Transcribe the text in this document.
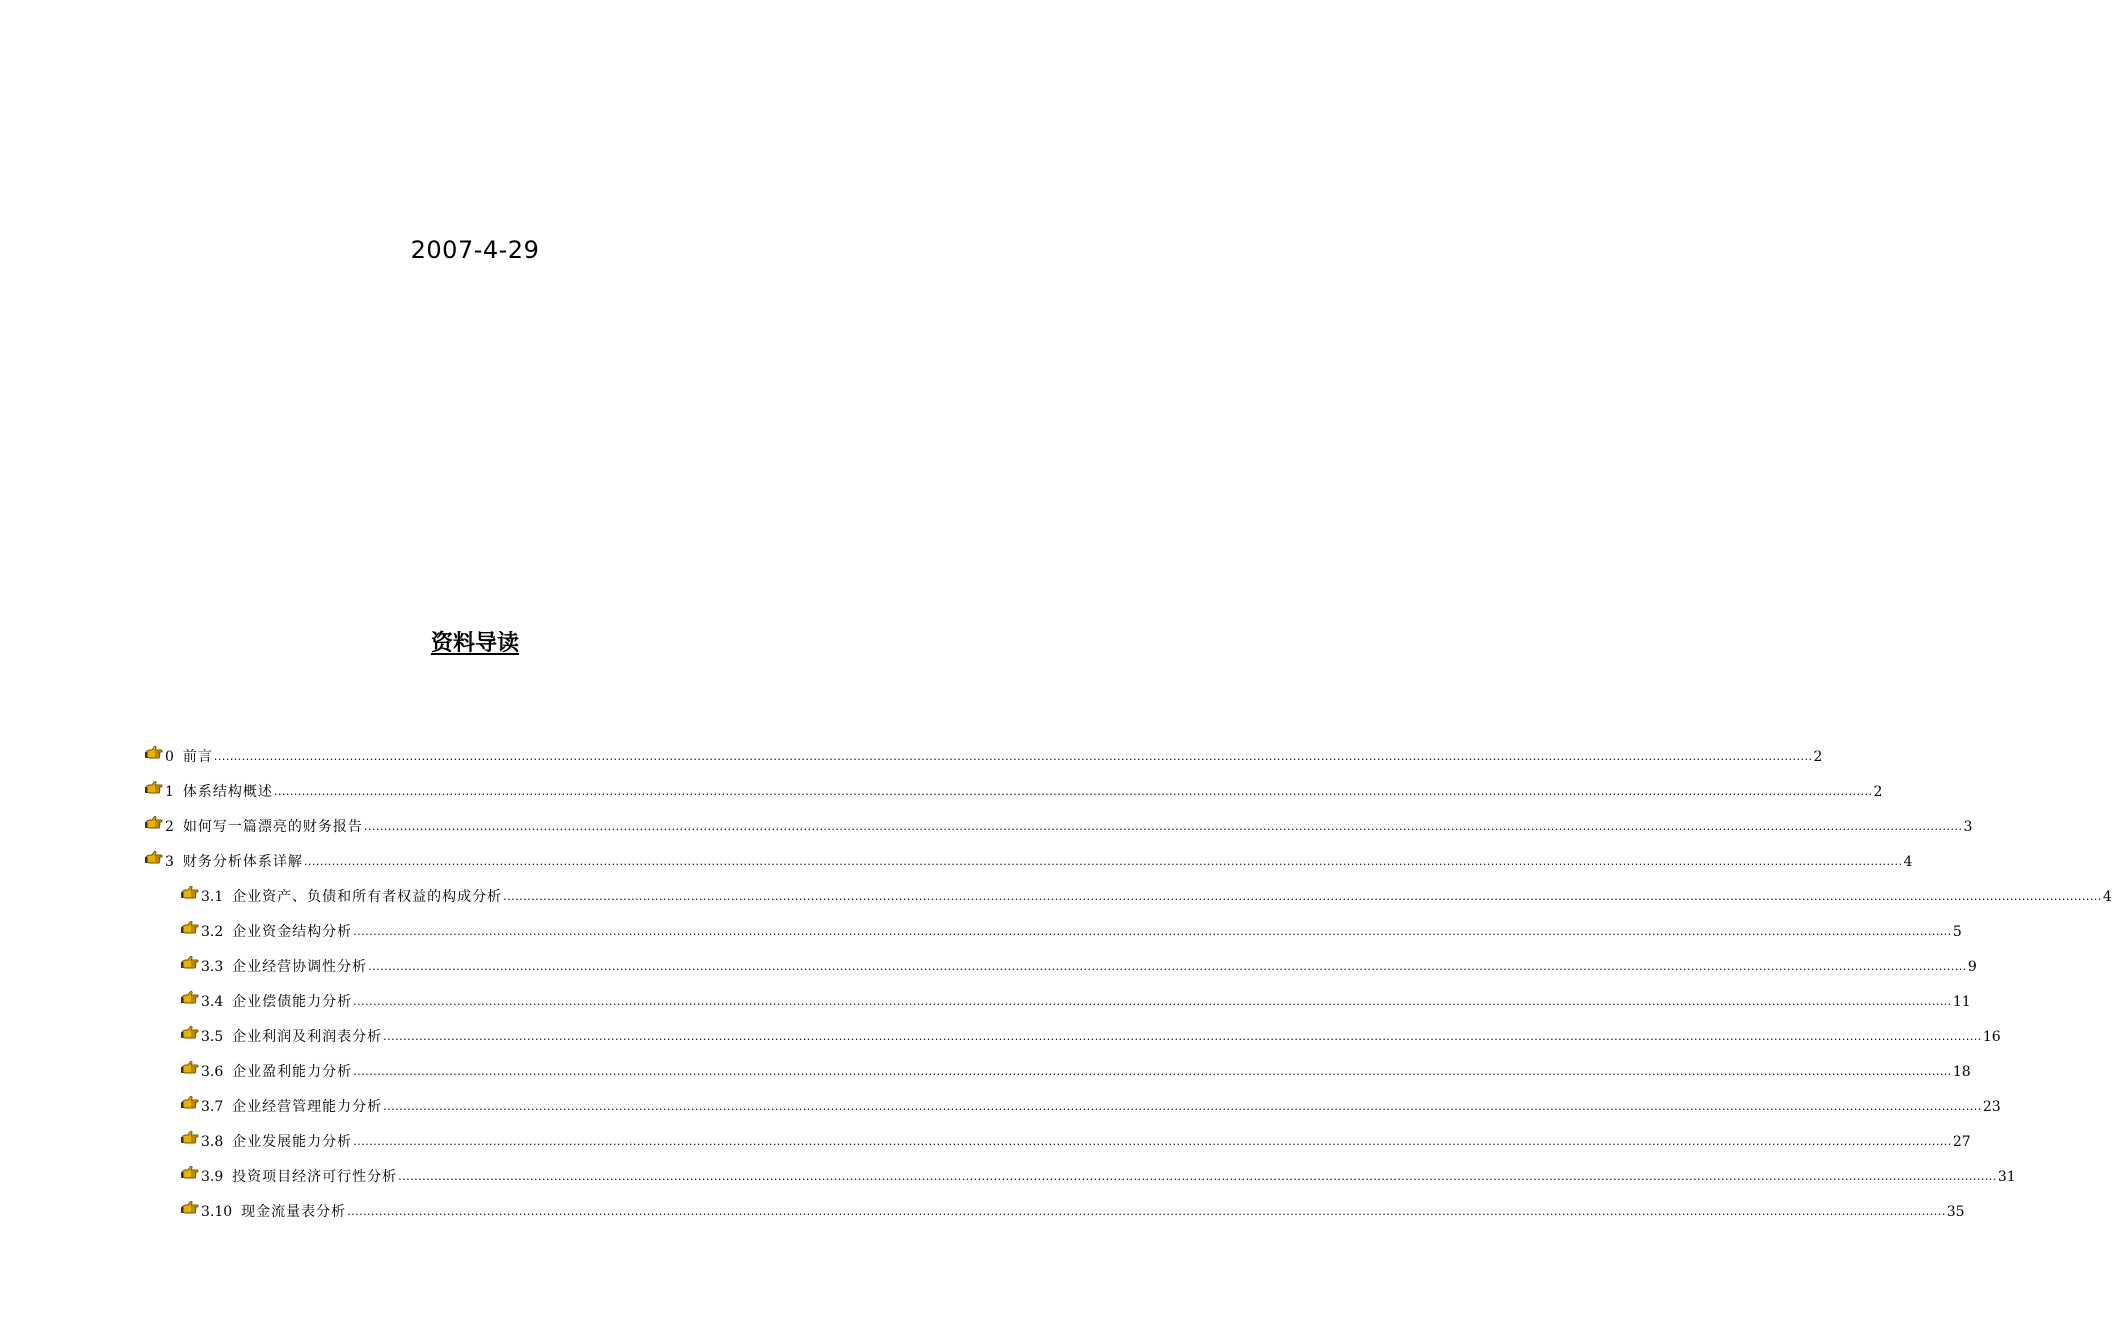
2007-4-29
资料导读
0
前言 ................................................................................................................................................................................................................................................................................................................................................................................................................ 2
1
体系结构概述 ................................................................................................................................................................................................................................................................................................................................................................................................................ 2
2
如何写一篇漂亮的财务报告 ................................................................................................................................................................................................................................................................................................................................................................................................................ 3
3
财务分析体系详解 ................................................................................................................................................................................................................................................................................................................................................................................................................ 4
3.1
企业资产、负债和所有者权益的构成分析 ................................................................................................................................................................................................................................................................................................................................................................................................................ 4
3.2
企业资金结构分析 ................................................................................................................................................................................................................................................................................................................................................................................................................ 5
3.3
企业经营协调性分析 ................................................................................................................................................................................................................................................................................................................................................................................................................ 9
3.4
企业偿债能力分析 ................................................................................................................................................................................................................................................................................................................................................................................................................ 11
3.5
企业利润及利润表分析 ................................................................................................................................................................................................................................................................................................................................................................................................................ 16
3.6
企业盈利能力分析 ................................................................................................................................................................................................................................................................................................................................................................................................................ 18
3.7
企业经营管理能力分析 ................................................................................................................................................................................................................................................................................................................................................................................................................ 23
3.8
企业发展能力分析 ................................................................................................................................................................................................................................................................................................................................................................................................................ 27
3.9
投资项目经济可行性分析 ................................................................................................................................................................................................................................................................................................................................................................................................................ 31
3.10
现金流量表分析 ................................................................................................................................................................................................................................................................................................................................................................................................................ 35
